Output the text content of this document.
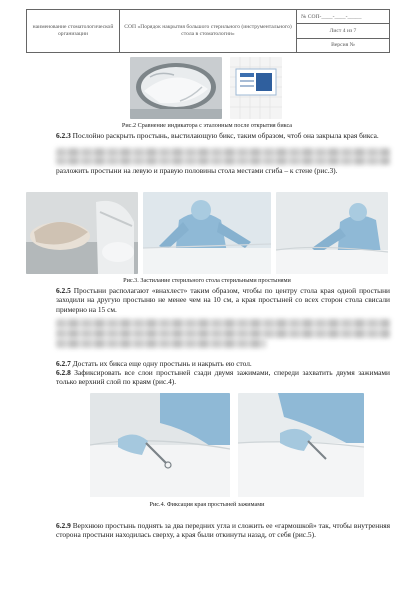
наименование стоматологической организации
СОП «Порядок накрытия большого стерильного (инструментального) стола в стоматологии»
№ СОП-____-____-_____
Лист 4 из 7
Версия №
Рис.2 Сравнение индикатора с эталонным после открытия бикса
6.2.3 Послойно раскрыть простынь, выстилающую бикс, таким образом, чтоб она закрыла края бикса.
разложить простыни на левую и правую половины стола местами сгиба – к стене (рис.3).
Рис.3. Застилание стерильного стола стерильными простынями
6.2.5 Простыни располагают «внахлест» таким образом, чтобы по центру стола края одной простыни заходили на другую простыню не менее чем на 10 см, а края простыней со всех сторон стола свисали примерно на 15 см.
6.2.7 Достать их бикса еще одну простынь и накрыть ею стол.
6.2.8 Зафиксировать все слои простыней сзади двумя зажимами, спереди захватить двумя зажимами только верхний слой по краям (рис.4).
Рис.4. Фиксация края простыней зажимами
6.2.9 Верхнюю простынь поднять за два передних угла и сложить ее «гармошкой» так, чтобы внутренняя сторона простыни находилась сверху, а края были откинуты назад, от себя (рис.5).
